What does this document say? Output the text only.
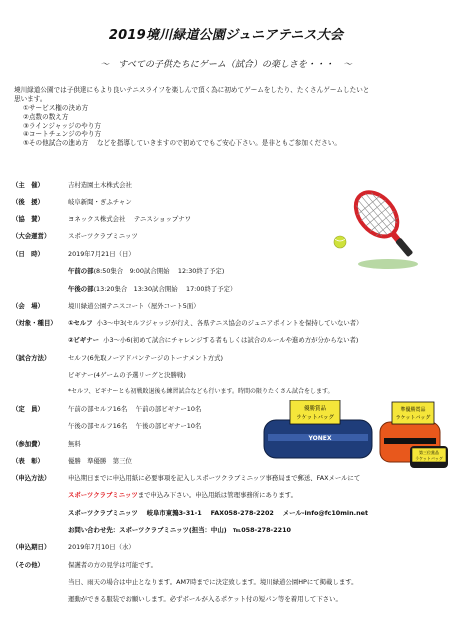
2019境川緑道公園ジュニアテニス大会
～　すべての子供たちにゲーム（試合）の楽しさを・・・　～
境川緑道公園では子供達にもより良いテニスライフを楽しんで頂く為に初めてゲームをしたり、たくさんゲームしたいと
思います。
①サービス権の決め方
②点数の数え方
③ラインジャッジのやり方
④コートチェンジのやり方
⑤その他試合の進め方　 などを指導していきますので初めてでもご安心下さい。是非ともご参加ください。
（主　催）	吉村造園土木株式会社
（後　援）	岐阜新聞・ぎふチャン
（協　賛）	ヨネックス株式会社　 テニスショップナワ
（大会運営）	スポーツクラブミニッツ
（日　時）	2019年7月21日（日）
午前の部(8:50集合　9:00試合開始　 12:30終了予定)
午後の部(13:20集合　13:30試合開始　 17:00終了予定）
（会　場）	境川緑道公園テニスコート（屋外コート5面）
（対象・種目）	①セルフ 小3～中3(セルフジャッジが行え、各県テニス協会のジュニアポイントを保持していない者）
②ビギナー 小3～小6(初めて試合にチャレンジする者もしくは試合のルールや進め方が分からない者)
（試合方法）	セルフ(6先取ノーアドバンテージのトーナメント方式)
ビギナー(4ゲームの予選リーグと決勝戦)
*セルフ、ビギナーとも初戦敗退後も練習試合なども行います。時間の限りたくさん試合をします。
（定　員）	午前の部セルフ16名　 午前の部ビギナー10名
午後の部セルフ16名　 午後の部ビギナー10名
（参加費）	無料
（表　彰）	優勝　準優勝　第三位
（申込方法）	申込期日までに申込用紙に必要事項を記入しスポーツクラブミニッツ事務局まで郵送、FAXメールにて
スポーツクラブミニッツまで申込み下さい。申込用紙は管理事務所にあります。
スポーツクラブミニッツ 岐阜市東鶉3-31-1 FAX058-278-2202 メール-info@fc10min.net
お問い合わせ先：スポーツクラブミニッツ(担当：中山)　℡058-278-2210
（申込期日）	2019年7月10日（水）
（その他）	保護者の方の見学は可能です。
当日、雨天の場合は中止となります。AM7時までに決定致します。境川緑道公園HPにて掲載します。
運動ができる服装でお願いします。必ずボールが入るポケット付の短パン等を着用して下さい。
準優勝賞品
ラケットバッグ
YONEX
優勝賞品
ラケットバッグ
第三位賞品
ラケットバッグ
